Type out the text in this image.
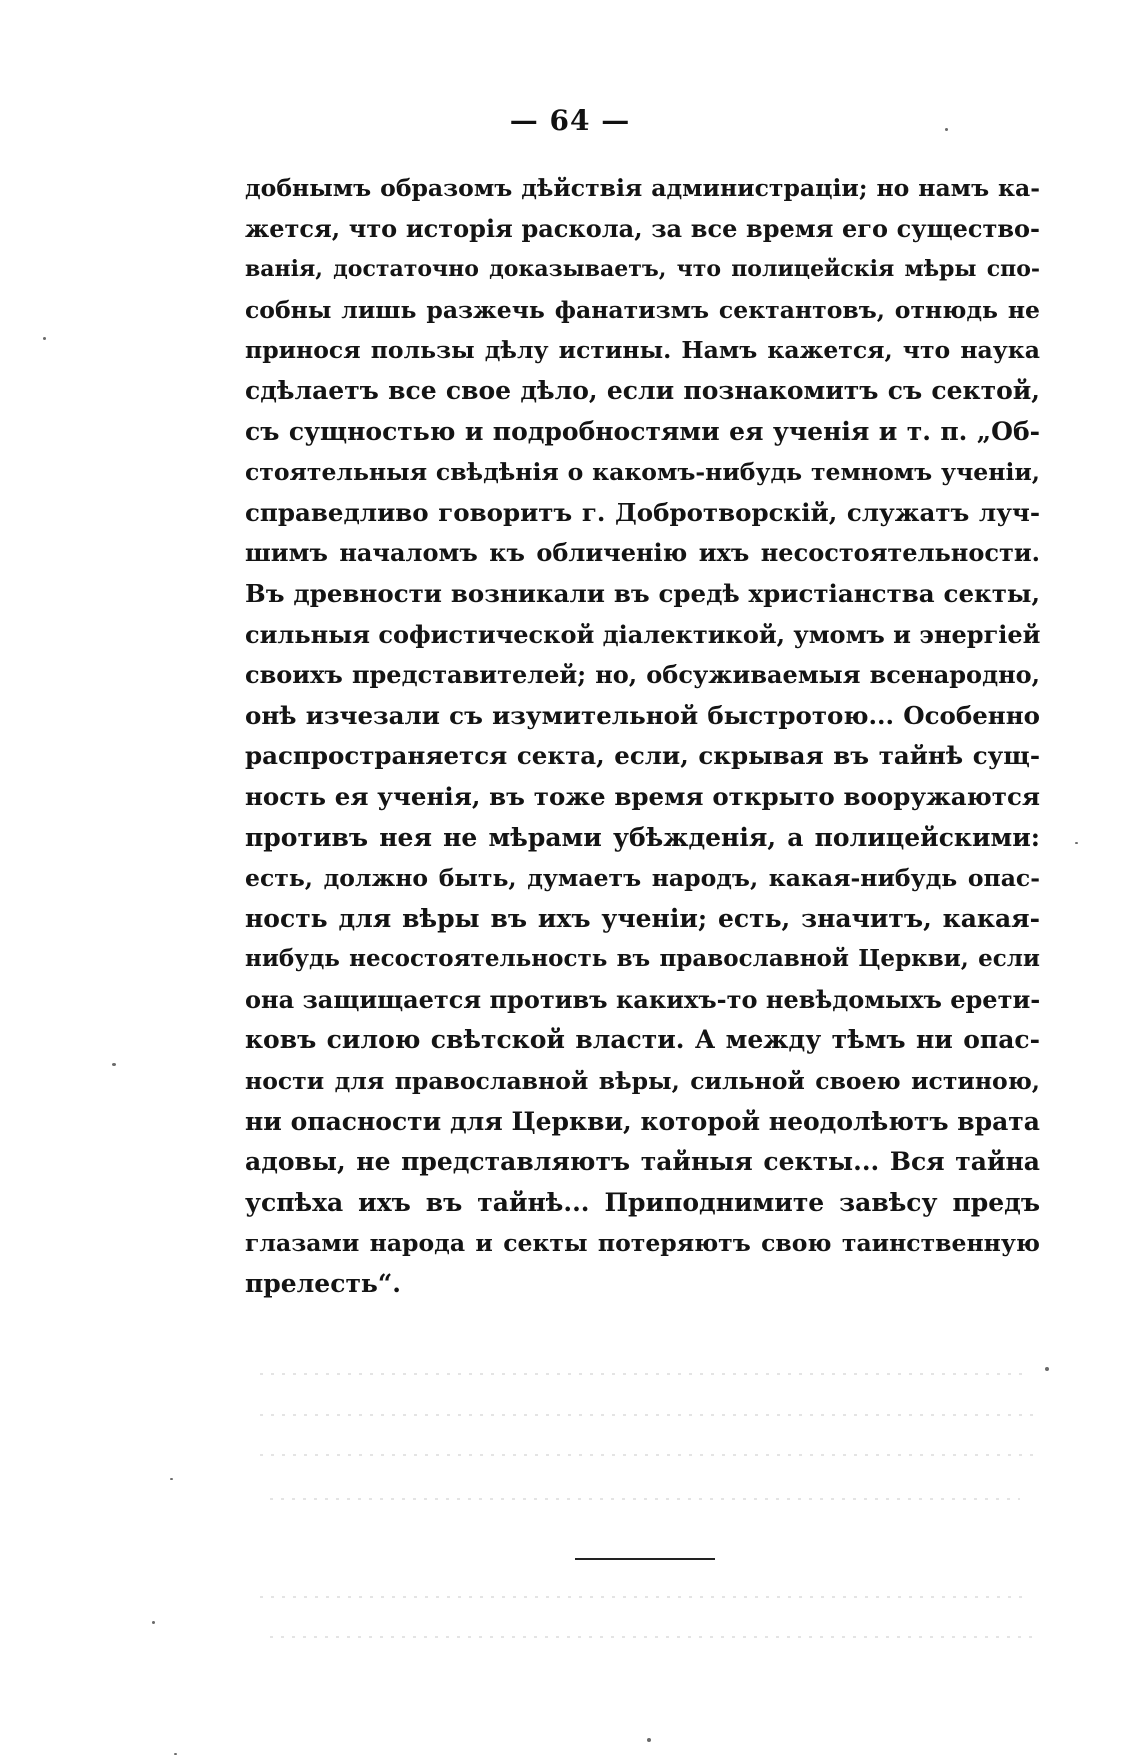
— 64 —
добнымъ образомъ дѣйствія администраціи; но намъ ка-
жется, что исторія раскола, за все время его существо-
ванія, достаточно доказываетъ, что полицейскія мѣры спо-
собны лишь разжечь фанатизмъ сектантовъ, отнюдь не
принося пользы дѣлу истины. Намъ кажется, что наука
сдѣлаетъ все свое дѣло, если познакомитъ съ сектой,
съ сущностью и подробностями ея ученія и т. п. „Об-
стоятельныя свѣдѣнія о какомъ-нибудь темномъ ученіи,
справедливо говоритъ г. Добротворскій, служатъ луч-
шимъ началомъ къ обличенію ихъ несостоятельности.
Въ древности возникали въ средѣ христіанства секты,
сильныя софистической діалектикой, умомъ и энергіей
своихъ представителей; но, обсуживаемыя всенародно,
онѣ изчезали съ изумительной быстротою... Особенно
распространяется секта, если, скрывая въ тайнѣ сущ-
ность ея ученія, въ тоже время открыто вооружаются
противъ нея не мѣрами убѣжденія, а полицейскими:
есть, должно быть, думаетъ народъ, какая-нибудь опас-
ность для вѣры въ ихъ ученіи; есть, значитъ, какая-
нибудь несостоятельность въ православной Церкви, если
она защищается противъ какихъ-то невѣдомыхъ ерети-
ковъ силою свѣтской власти. А между тѣмъ ни опас-
ности для православной вѣры, сильной своею истиною,
ни опасности для Церкви, которой неодолѣютъ врата
адовы, не представляютъ тайныя секты... Вся тайна
успѣха ихъ въ тайнѣ... Приподнимите завѣсу предъ
глазами народа и секты потеряютъ свою таинственную
прелесть“.
